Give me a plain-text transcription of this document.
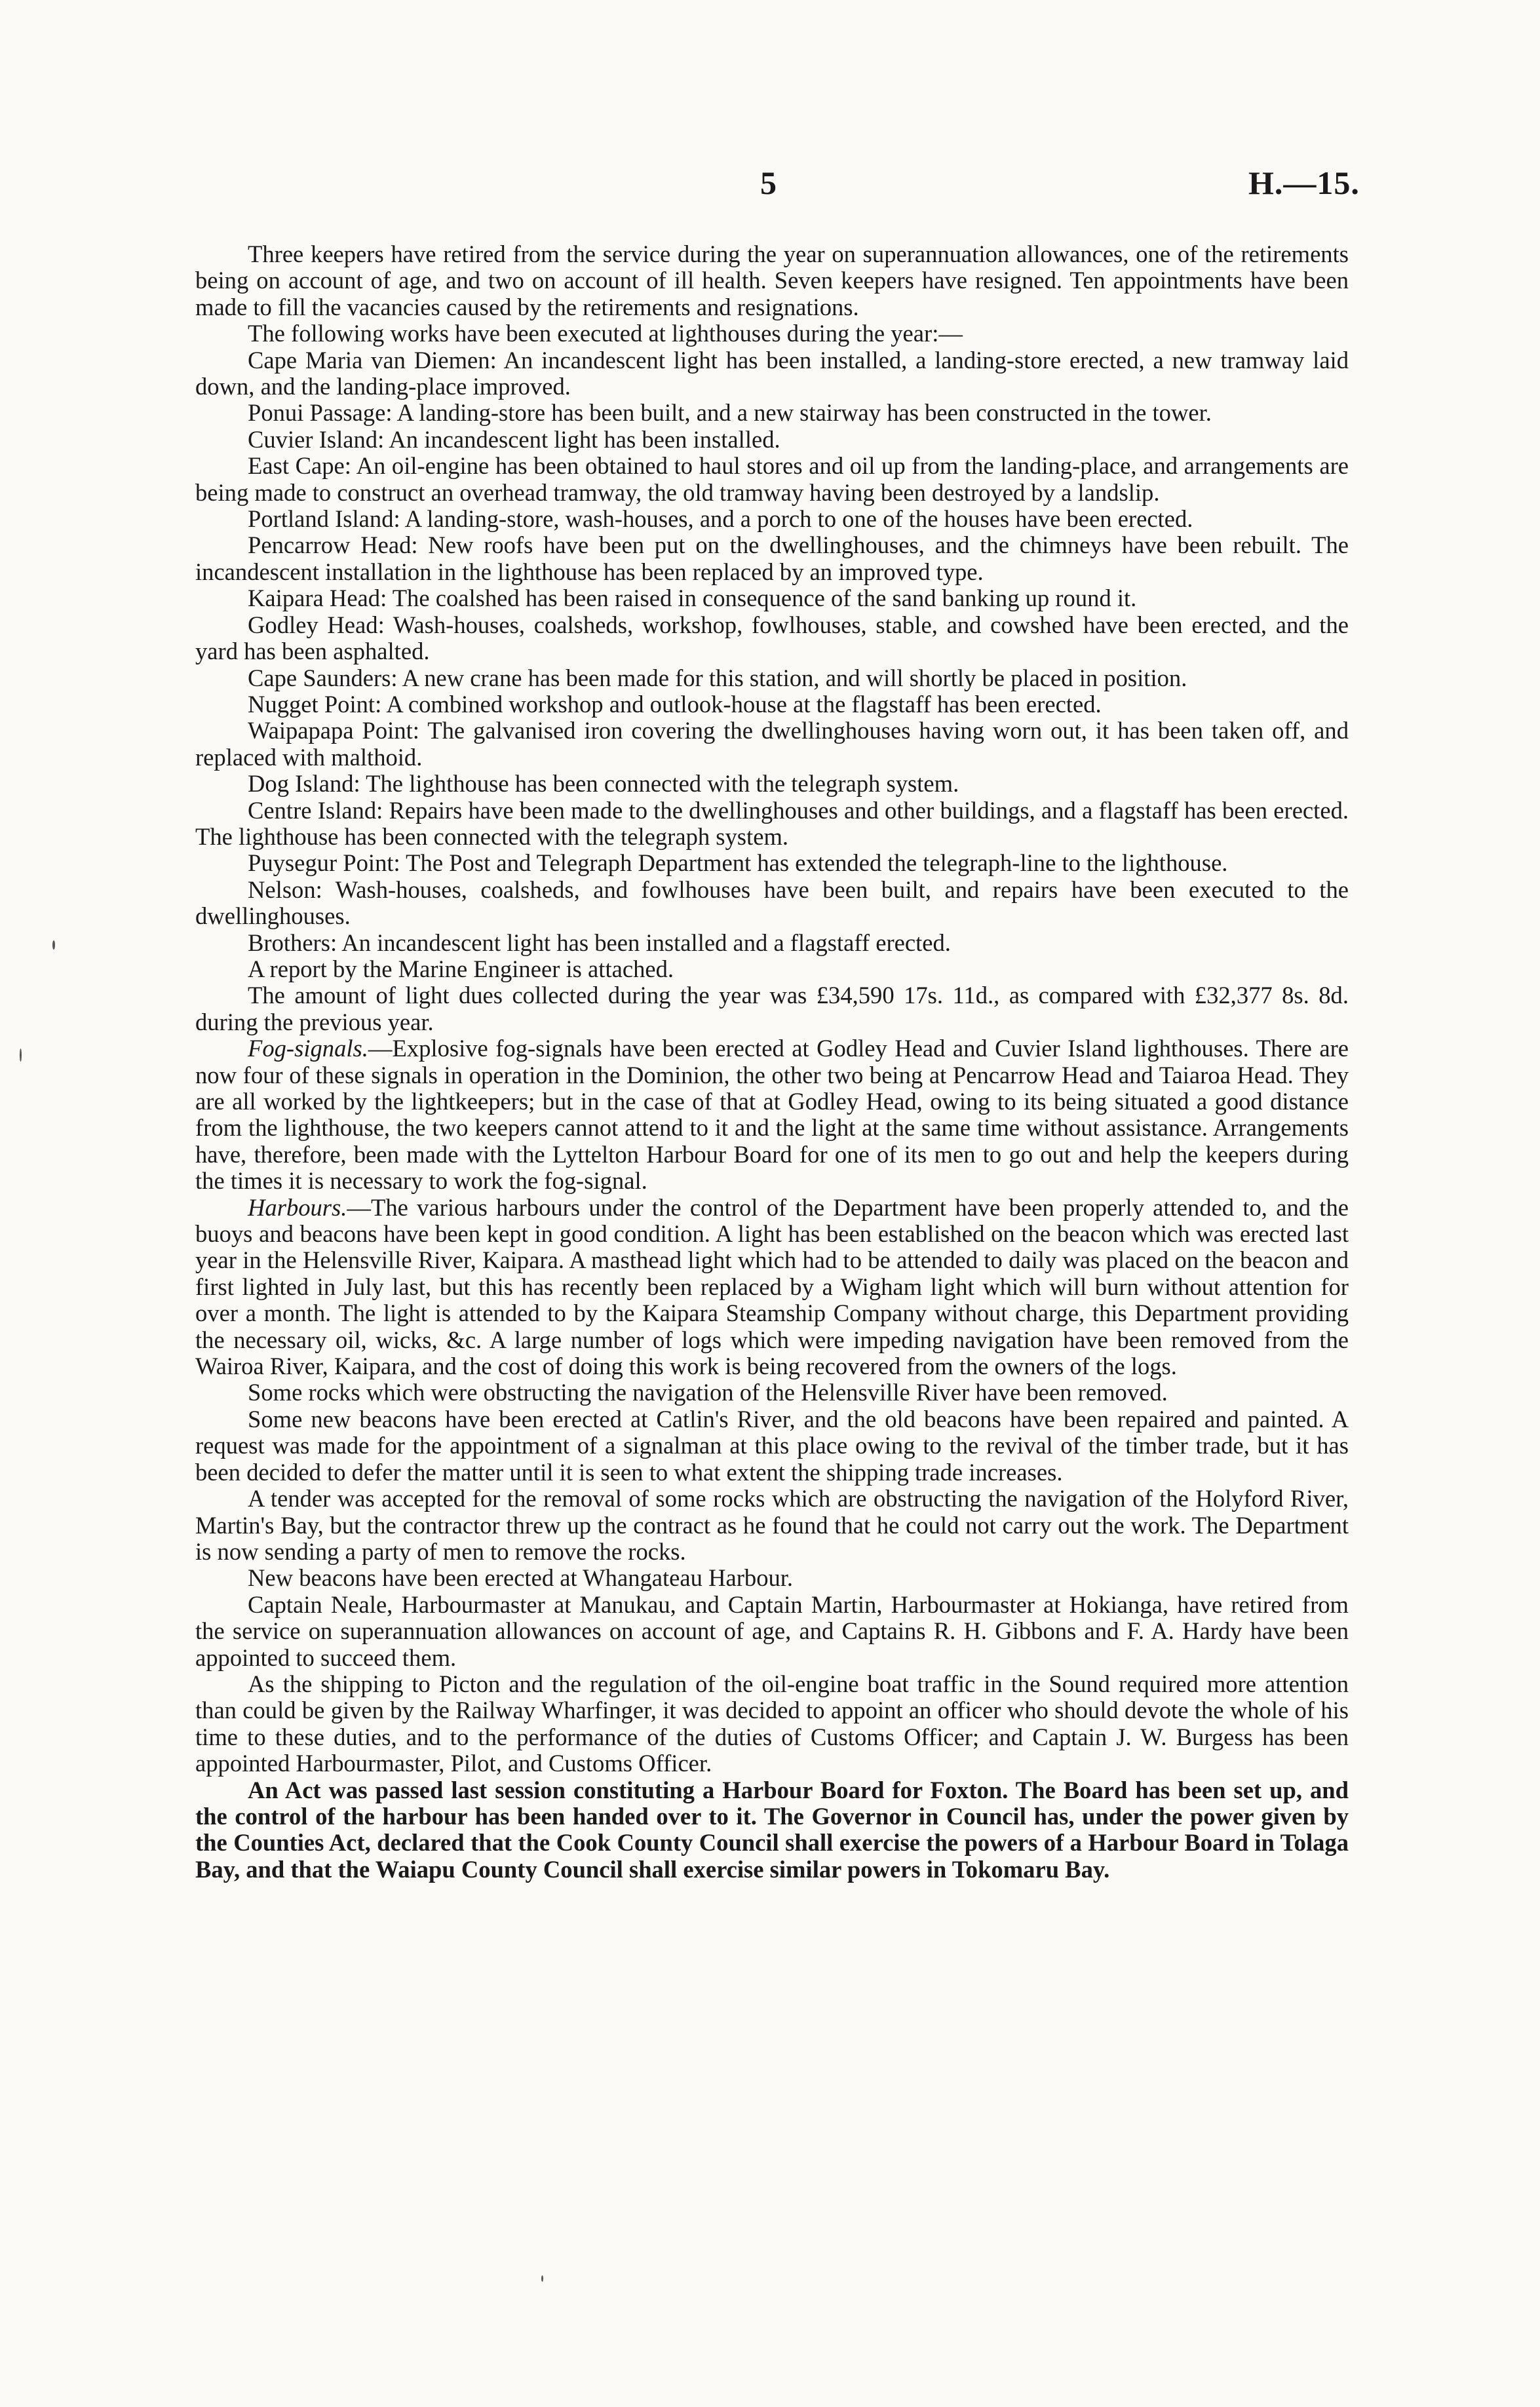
5	H.—15.

Three keepers have retired from the service during the year on superannuation allowances, one of the retirements being on account of age, and two on account of ill health. Seven keepers have resigned. Ten appointments have been made to fill the vacancies caused by the retirements and resignations.

The following works have been executed at lighthouses during the year:—

Cape Maria van Diemen: An incandescent light has been installed, a landing-store erected, a new tramway laid down, and the landing-place improved.

Ponui Passage: A landing-store has been built, and a new stairway has been constructed in the tower.

Cuvier Island: An incandescent light has been installed.

East Cape: An oil-engine has been obtained to haul stores and oil up from the landing-place, and arrangements are being made to construct an overhead tramway, the old tramway having been destroyed by a landslip.

Portland Island: A landing-store, wash-houses, and a porch to one of the houses have been erected.

Pencarrow Head: New roofs have been put on the dwellinghouses, and the chimneys have been rebuilt. The incandescent installation in the lighthouse has been replaced by an improved type.

Kaipara Head: The coalshed has been raised in consequence of the sand banking up round it.

Godley Head: Wash-houses, coalsheds, workshop, fowlhouses, stable, and cowshed have been erected, and the yard has been asphalted.

Cape Saunders: A new crane has been made for this station, and will shortly be placed in position.

Nugget Point: A combined workshop and outlook-house at the flagstaff has been erected.

Waipapapa Point: The galvanised iron covering the dwellinghouses having worn out, it has been taken off, and replaced with malthoid.

Dog Island: The lighthouse has been connected with the telegraph system.

Centre Island: Repairs have been made to the dwellinghouses and other buildings, and a flagstaff has been erected. The lighthouse has been connected with the telegraph system.

Puysegur Point: The Post and Telegraph Department has extended the telegraph-line to the lighthouse.

Nelson: Wash-houses, coalsheds, and fowlhouses have been built, and repairs have been executed to the dwellinghouses.

Brothers: An incandescent light has been installed and a flagstaff erected.

A report by the Marine Engineer is attached.

The amount of light dues collected during the year was £34,590 17s. 11d., as compared with £32,377 8s. 8d. during the previous year.

Fog-signals.—Explosive fog-signals have been erected at Godley Head and Cuvier Island lighthouses. There are now four of these signals in operation in the Dominion, the other two being at Pencarrow Head and Taiaroa Head. They are all worked by the lightkeepers; but in the case of that at Godley Head, owing to its being situated a good distance from the lighthouse, the two keepers cannot attend to it and the light at the same time without assistance. Arrangements have, therefore, been made with the Lyttelton Harbour Board for one of its men to go out and help the keepers during the times it is necessary to work the fog-signal.

Harbours.—The various harbours under the control of the Department have been properly attended to, and the buoys and beacons have been kept in good condition. A light has been established on the beacon which was erected last year in the Helensville River, Kaipara. A masthead light which had to be attended to daily was placed on the beacon and first lighted in July last, but this has recently been replaced by a Wigham light which will burn without attention for over a month. The light is attended to by the Kaipara Steamship Company without charge, this Department providing the necessary oil, wicks, &c. A large number of logs which were impeding navigation have been removed from the Wairoa River, Kaipara, and the cost of doing this work is being recovered from the owners of the logs.

Some rocks which were obstructing the navigation of the Helensville River have been removed.

Some new beacons have been erected at Catlin's River, and the old beacons have been repaired and painted. A request was made for the appointment of a signalman at this place owing to the revival of the timber trade, but it has been decided to defer the matter until it is seen to what extent the shipping trade increases.

A tender was accepted for the removal of some rocks which are obstructing the navigation of the Holyford River, Martin's Bay, but the contractor threw up the contract as he found that he could not carry out the work. The Department is now sending a party of men to remove the rocks.

New beacons have been erected at Whangateau Harbour.

Captain Neale, Harbourmaster at Manukau, and Captain Martin, Harbourmaster at Hokianga, have retired from the service on superannuation allowances on account of age, and Captains R. H. Gibbons and F. A. Hardy have been appointed to succeed them.

As the shipping to Picton and the regulation of the oil-engine boat traffic in the Sound required more attention than could be given by the Railway Wharfinger, it was decided to appoint an officer who should devote the whole of his time to these duties, and to the performance of the duties of Customs Officer; and Captain J. W. Burgess has been appointed Harbourmaster, Pilot, and Customs Officer.

An Act was passed last session constituting a Harbour Board for Foxton. The Board has been set up, and the control of the harbour has been handed over to it. The Governor in Council has, under the power given by the Counties Act, declared that the Cook County Council shall exercise the powers of a Harbour Board in Tolaga Bay, and that the Waiapu County Council shall exercise similar powers in Tokomaru Bay.
